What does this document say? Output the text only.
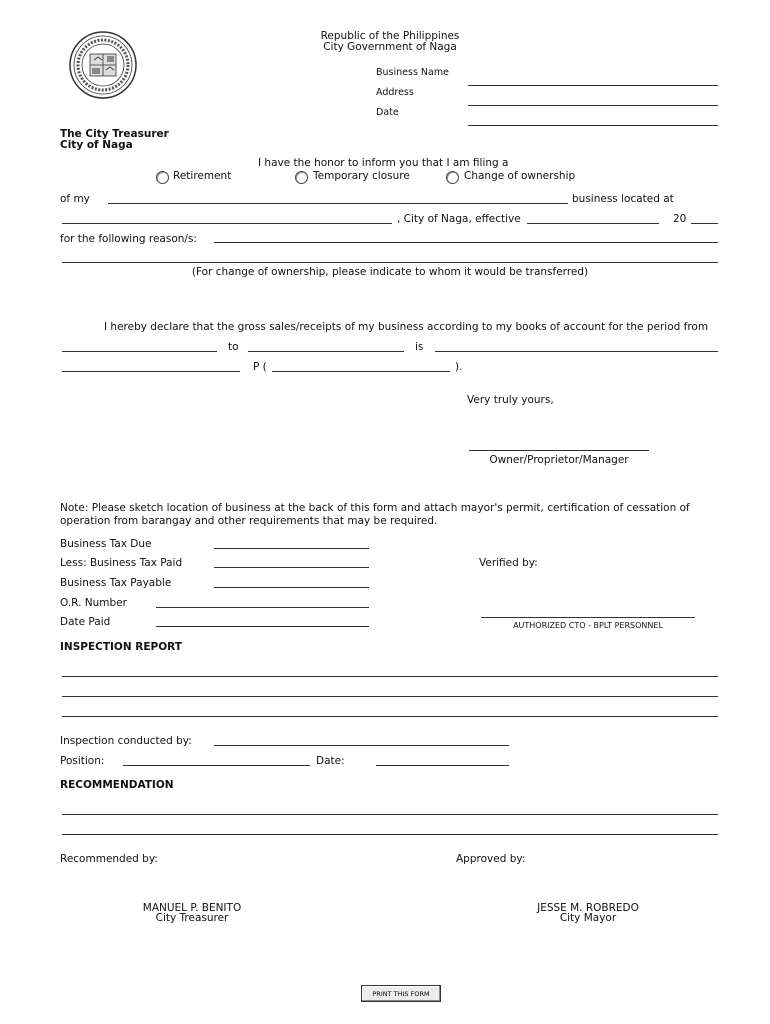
Republic of the Philippines
City Government of Naga
Business Name
Address
Date
The City Treasurer
City of Naga
I have the honor to inform you that I am filing a
Retirement	Temporary closure	Change of ownership
of my	business located at
, City of Naga, effective	20
for the following reason/s:
(For change of ownership, please indicate to whom it would be transferred)
I hereby declare that the gross sales/receipts of my business according to my books of account for the period from
to	is
P (	).
Very truly yours,
Owner/Proprietor/Manager
Note: Please sketch location of business at the back of this form and attach mayor's permit, certification of cessation of
operation from barangay and other requirements that may be required.
Business Tax Due
Less: Business Tax Paid
Business Tax Payable
O.R. Number
Date Paid
Verified by:
AUTHORIZED CTO - BPLT PERSONNEL
INSPECTION REPORT
Inspection conducted by:
Position:	Date:
RECOMMENDATION
Recommended by:	Approved by:
MANUEL P. BENITO
City Treasurer
JESSE M. ROBREDO
City Mayor
PRINT THIS FORM
